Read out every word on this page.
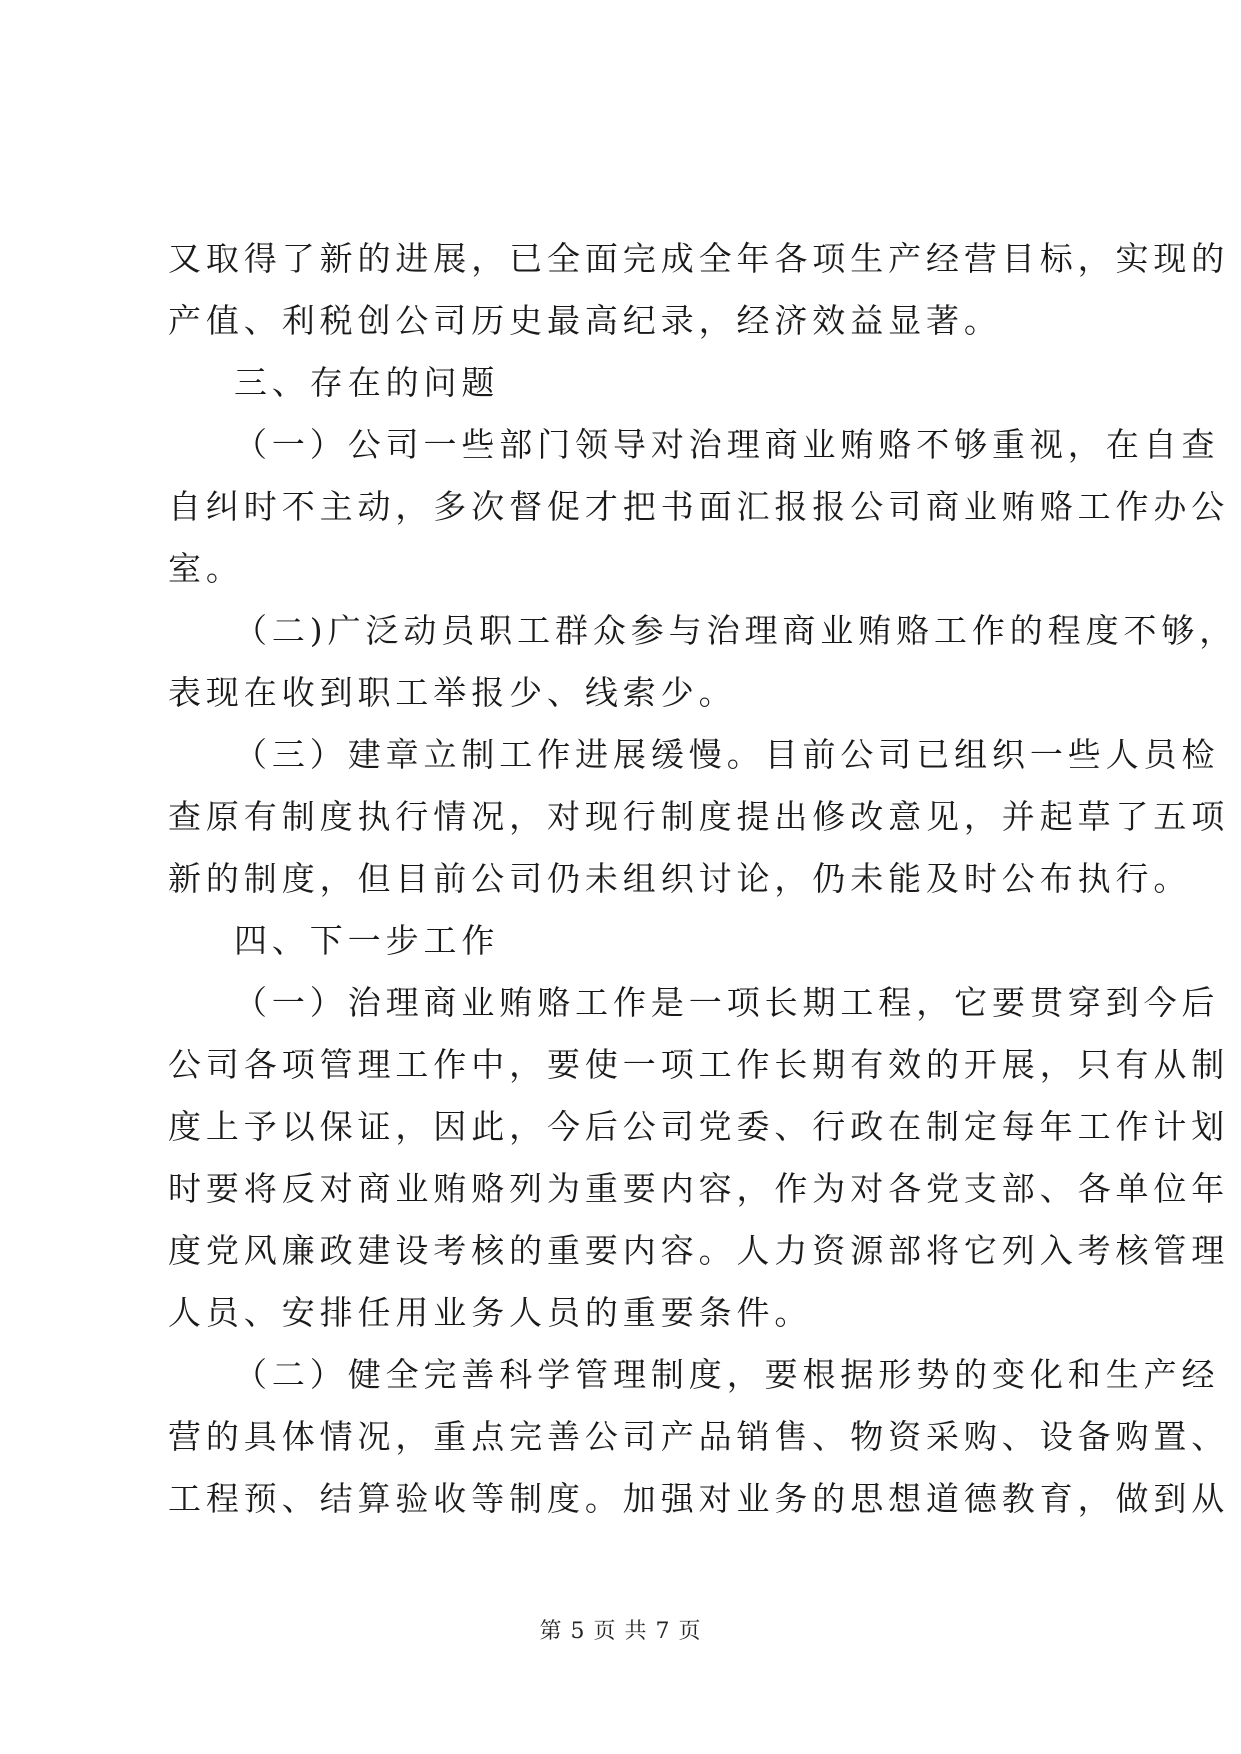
又取得了新的进展，已全面完成全年各项生产经营目标，实现的
产值、利税创公司历史最高纪录，经济效益显著。
三、存在的问题
（一）公司一些部门领导对治理商业贿赂不够重视，在自查
自纠时不主动，多次督促才把书面汇报报公司商业贿赂工作办公
室。
（二)广泛动员职工群众参与治理商业贿赂工作的程度不够，
表现在收到职工举报少、线索少。
（三）建章立制工作进展缓慢。目前公司已组织一些人员检
查原有制度执行情况，对现行制度提出修改意见，并起草了五项
新的制度，但目前公司仍未组织讨论，仍未能及时公布执行。
四、下一步工作
（一）治理商业贿赂工作是一项长期工程，它要贯穿到今后
公司各项管理工作中，要使一项工作长期有效的开展，只有从制
度上予以保证，因此，今后公司党委、行政在制定每年工作计划
时要将反对商业贿赂列为重要内容，作为对各党支部、各单位年
度党风廉政建设考核的重要内容。人力资源部将它列入考核管理
人员、安排任用业务人员的重要条件。
（二）健全完善科学管理制度，要根据形势的变化和生产经
营的具体情况，重点完善公司产品销售、物资采购、设备购置、
工程预、结算验收等制度。加强对业务的思想道德教育，做到从
第 5 页 共 7 页
